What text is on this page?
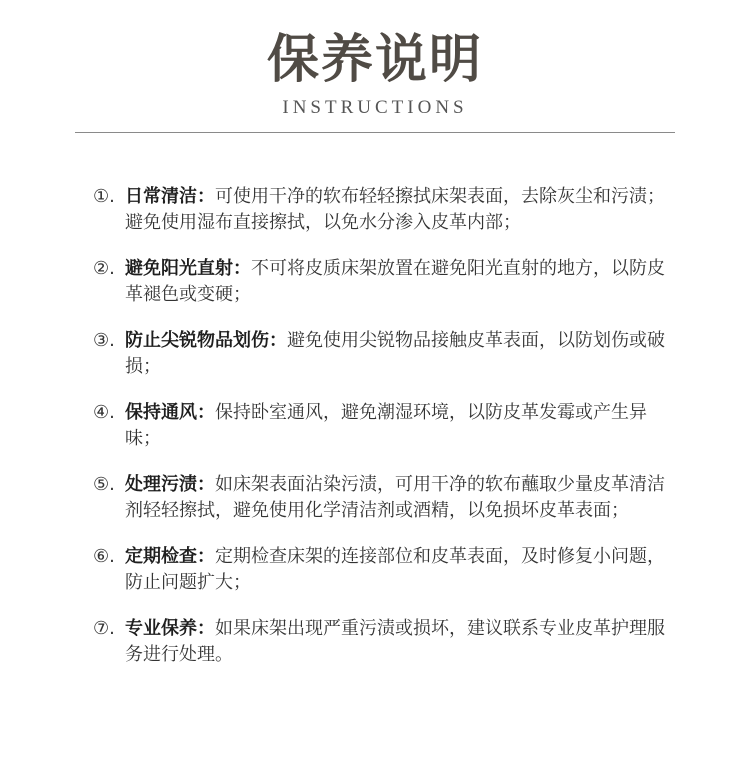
保养说明
INSTRUCTIONS
①. 日常清洁：可使用干净的软布轻轻擦拭床架表面，去除灰尘和污渍；避免使用湿布直接擦拭，以免水分渗入皮革内部；
②. 避免阳光直射：不可将皮质床架放置在避免阳光直射的地方，以防皮革褪色或变硬；
③. 防止尖锐物品划伤：避免使用尖锐物品接触皮革表面，以防划伤或破损；
④. 保持通风：保持卧室通风，避免潮湿环境，以防皮革发霉或产生异味；
⑤. 处理污渍：如床架表面沾染污渍，可用干净的软布蘸取少量皮革清洁剂轻轻擦拭，避免使用化学清洁剂或酒精，以免损坏皮革表面；
⑥. 定期检查：定期检查床架的连接部位和皮革表面，及时修复小问题，防止问题扩大；
⑦. 专业保养：如果床架出现严重污渍或损坏，建议联系专业皮革护理服务进行处理。
